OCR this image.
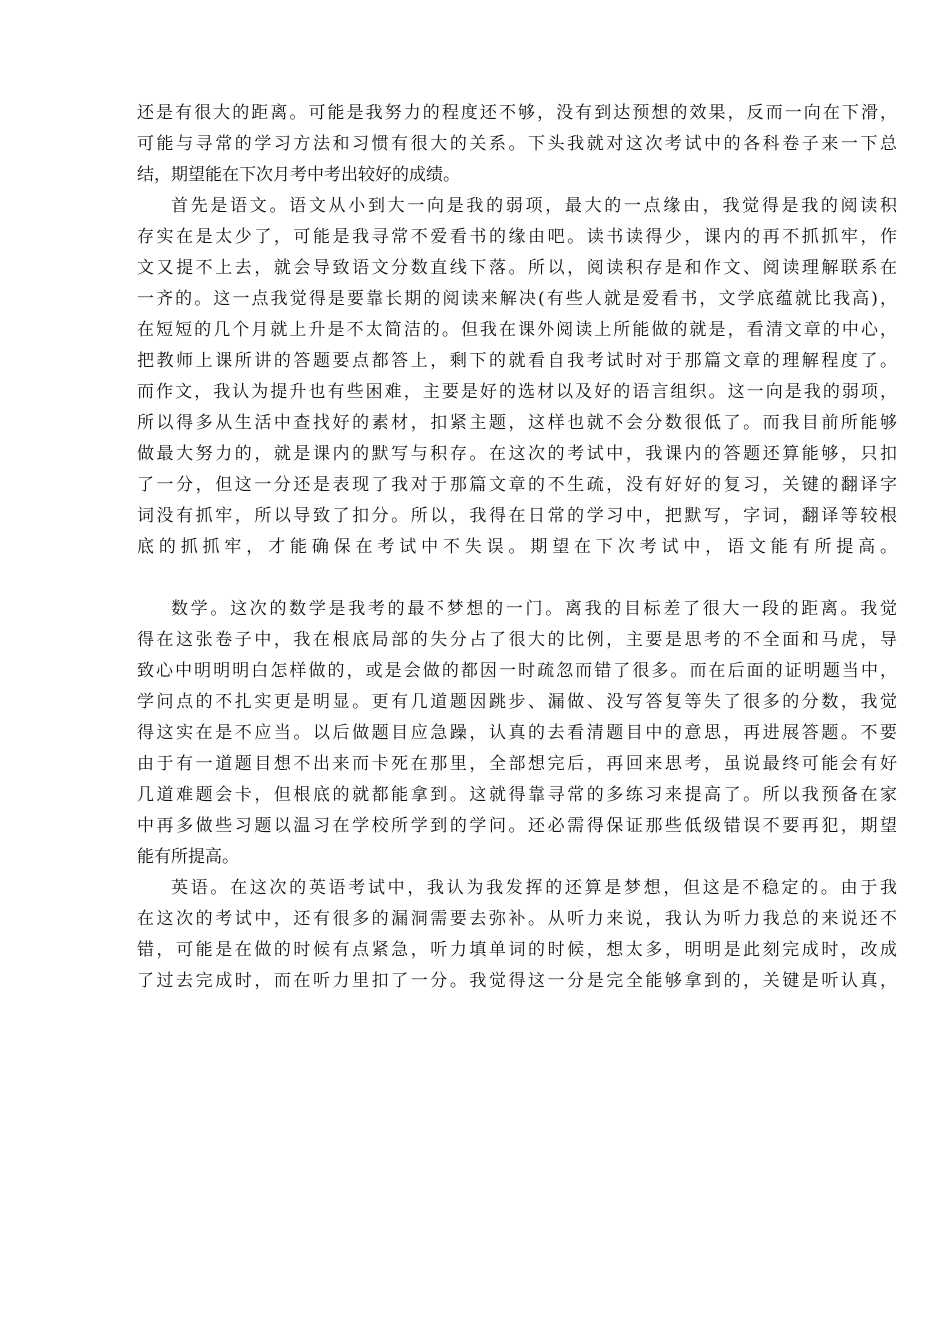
还是有很大的距离。可能是我努力的程度还不够，没有到达预想的效果，反而一向在下滑，
可能与寻常的学习方法和习惯有很大的关系。下头我就对这次考试中的各科卷子来一下总
结，期望能在下次月考中考出较好的成绩。
首先是语文。语文从小到大一向是我的弱项，最大的一点缘由，我觉得是我的阅读积
存实在是太少了，可能是我寻常不爱看书的缘由吧。读书读得少，课内的再不抓抓牢，作
文又提不上去，就会导致语文分数直线下落。所以，阅读积存是和作文、阅读理解联系在
一齐的。这一点我觉得是要靠长期的阅读来解决(有些人就是爱看书，文学底蕴就比我高)，
在短短的几个月就上升是不太简洁的。但我在课外阅读上所能做的就是，看清文章的中心，
把教师上课所讲的答题要点都答上，剩下的就看自我考试时对于那篇文章的理解程度了。
而作文，我认为提升也有些困难，主要是好的选材以及好的语言组织。这一向是我的弱项，
所以得多从生活中查找好的素材，扣紧主题，这样也就不会分数很低了。而我目前所能够
做最大努力的，就是课内的默写与积存。在这次的考试中，我课内的答题还算能够，只扣
了一分，但这一分还是表现了我对于那篇文章的不生疏，没有好好的复习，关键的翻译字
词没有抓牢，所以导致了扣分。所以，我得在日常的学习中，把默写，字词，翻译等较根
底的抓抓牢，才能确保在考试中不失误。期望在下次考试中，语文能有所提高。
数学。这次的数学是我考的最不梦想的一门。离我的目标差了很大一段的距离。我觉
得在这张卷子中，我在根底局部的失分占了很大的比例，主要是思考的不全面和马虎，导
致心中明明明白怎样做的，或是会做的都因一时疏忽而错了很多。而在后面的证明题当中，
学问点的不扎实更是明显。更有几道题因跳步、漏做、没写答复等失了很多的分数，我觉
得这实在是不应当。以后做题目应急躁，认真的去看清题目中的意思，再进展答题。不要
由于有一道题目想不出来而卡死在那里，全部想完后，再回来思考，虽说最终可能会有好
几道难题会卡，但根底的就都能拿到。这就得靠寻常的多练习来提高了。所以我预备在家
中再多做些习题以温习在学校所学到的学问。还必需得保证那些低级错误不要再犯，期望
能有所提高。
英语。在这次的英语考试中，我认为我发挥的还算是梦想，但这是不稳定的。由于我
在这次的考试中，还有很多的漏洞需要去弥补。从听力来说，我认为听力我总的来说还不
错，可能是在做的时候有点紧急，听力填单词的时候，想太多，明明是此刻完成时，改成
了过去完成时，而在听力里扣了一分。我觉得这一分是完全能够拿到的，关键是听认真，
